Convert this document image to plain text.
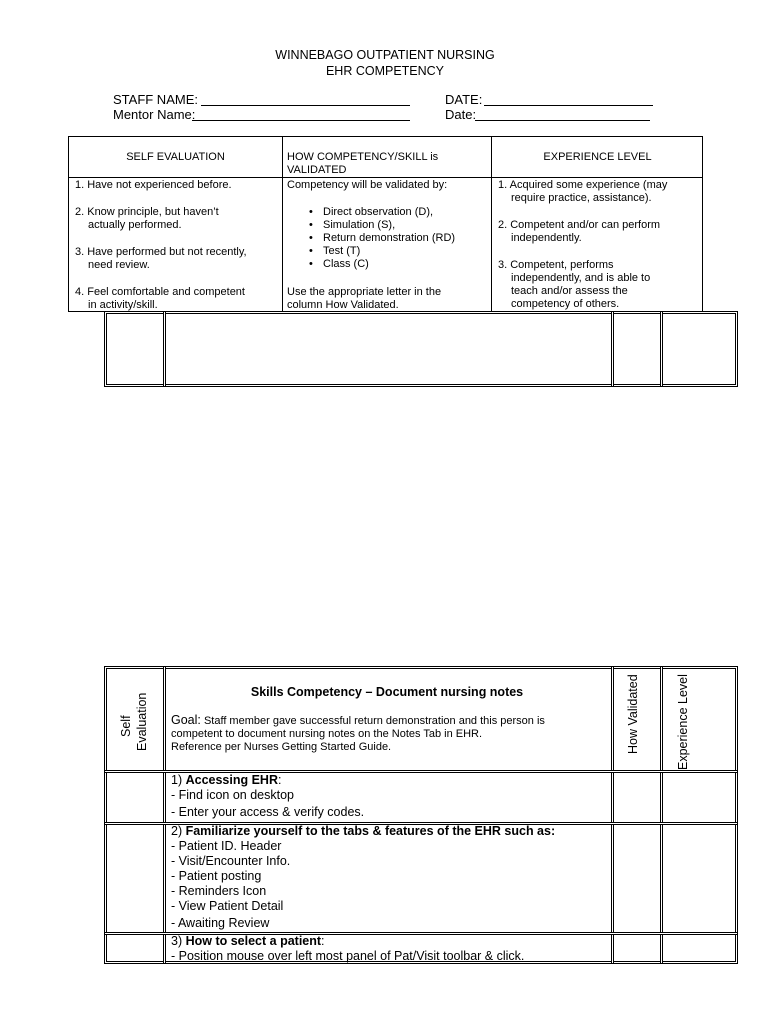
WINNEBAGO OUTPATIENT NURSING
EHR COMPETENCY
STAFF NAME:
Mentor Name:
DATE:
Date:
SELF EVALUATION
1. Have not experienced before.
2. Know principle, but haven’t
actually performed.
3. Have performed but not recently,
need review.
4. Feel comfortable and competent
in activity/skill.
HOW COMPETENCY/SKILL is
VALIDATED
Competency will be validated by:
• Direct observation (D),
• Simulation (S),
• Return demonstration (RD)
• Test (T)
• Class (C)
Use the appropriate letter in the
column How Validated.
EXPERIENCE LEVEL
1. Acquired some experience (may
require practice, assistance).
2. Competent and/or can perform
independently.
3. Competent, performs
independently, and is able to
teach and/or assess the
competency of others.
Self Evaluation	How Validated	Experience Level
Skills Competency – Document nursing notes
Goal: Staff member gave successful return demonstration and this person is
competent to document nursing notes on the Notes Tab in EHR.
Reference per Nurses Getting Started Guide.
1) Accessing EHR:
- Find icon on desktop
- Enter your access & verify codes.
2) Familiarize yourself to the tabs & features of the EHR such as:
- Patient ID. Header
- Visit/Encounter Info.
- Patient posting
- Reminders Icon
- View Patient Detail
- Awaiting Review
3) How to select a patient:
- Position mouse over left most panel of Pat/Visit toolbar & click.
